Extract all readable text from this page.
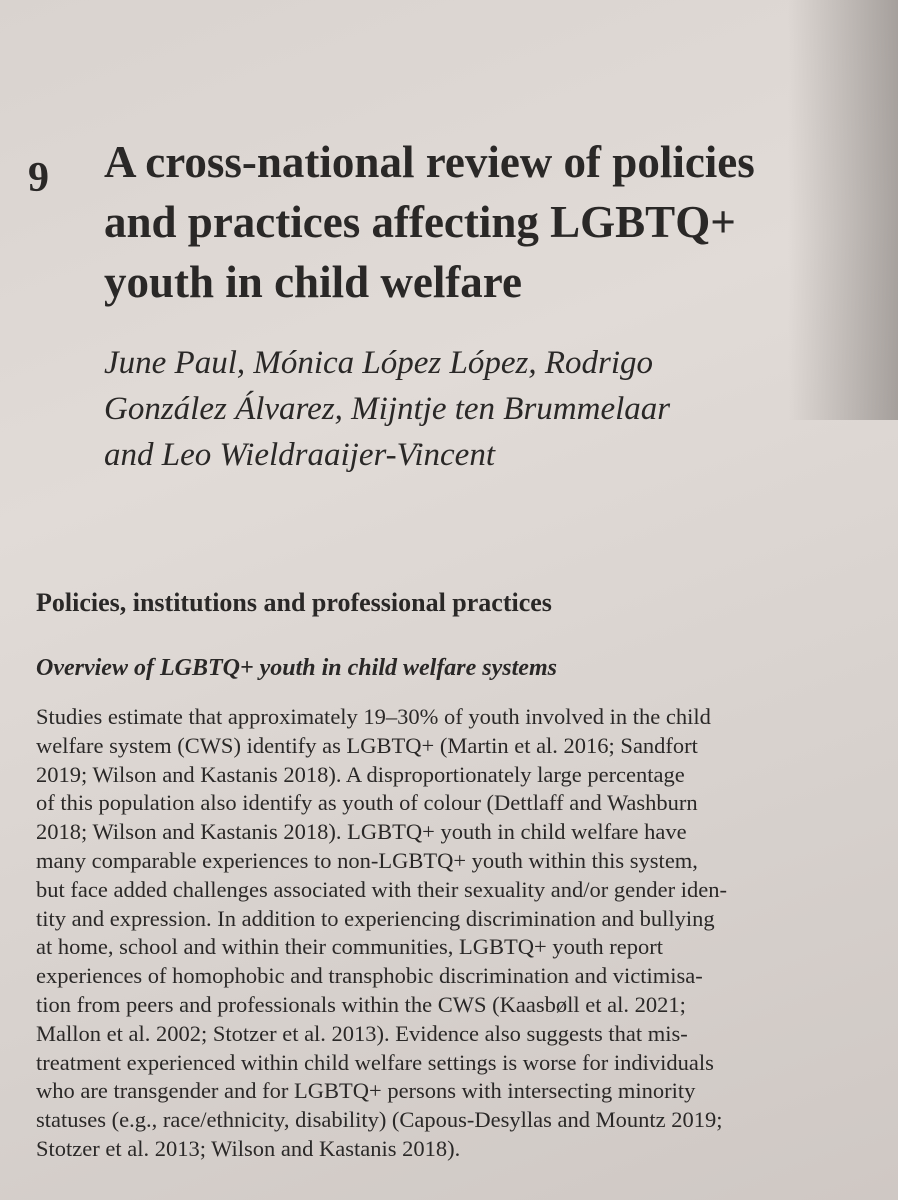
9 A cross-national review of policies
and practices affecting LGBTQ+
youth in child welfare
June Paul, Mónica López López, Rodrigo
González Álvarez, Mijntje ten Brummelaar
and Leo Wieldraaijer-Vincent
Policies, institutions and professional practices
Overview of LGBTQ+ youth in child welfare systems

Studies estimate that approximately 19–30% of youth involved in the child
welfare system (CWS) identify as LGBTQ+ (Martin et al. 2016; Sandfort
2019; Wilson and Kastanis 2018). A disproportionately large percentage
of this population also identify as youth of colour (Dettlaff and Washburn
2018; Wilson and Kastanis 2018). LGBTQ+ youth in child welfare have
many comparable experiences to non-LGBTQ+ youth within this system,
but face added challenges associated with their sexuality and/or gender iden-
tity and expression. In addition to experiencing discrimination and bullying
at home, school and within their communities, LGBTQ+ youth report
experiences of homophobic and transphobic discrimination and victimisa-
tion from peers and professionals within the CWS (Kaasbøll et al. 2021;
Mallon et al. 2002; Stotzer et al. 2013). Evidence also suggests that mis-
treatment experienced within child welfare settings is worse for individuals
who are transgender and for LGBTQ+ persons with intersecting minority
statuses (e.g., race/ethnicity, disability) (Capous-Desyllas and Mountz 2019;
Stotzer et al. 2013; Wilson and Kastanis 2018).
